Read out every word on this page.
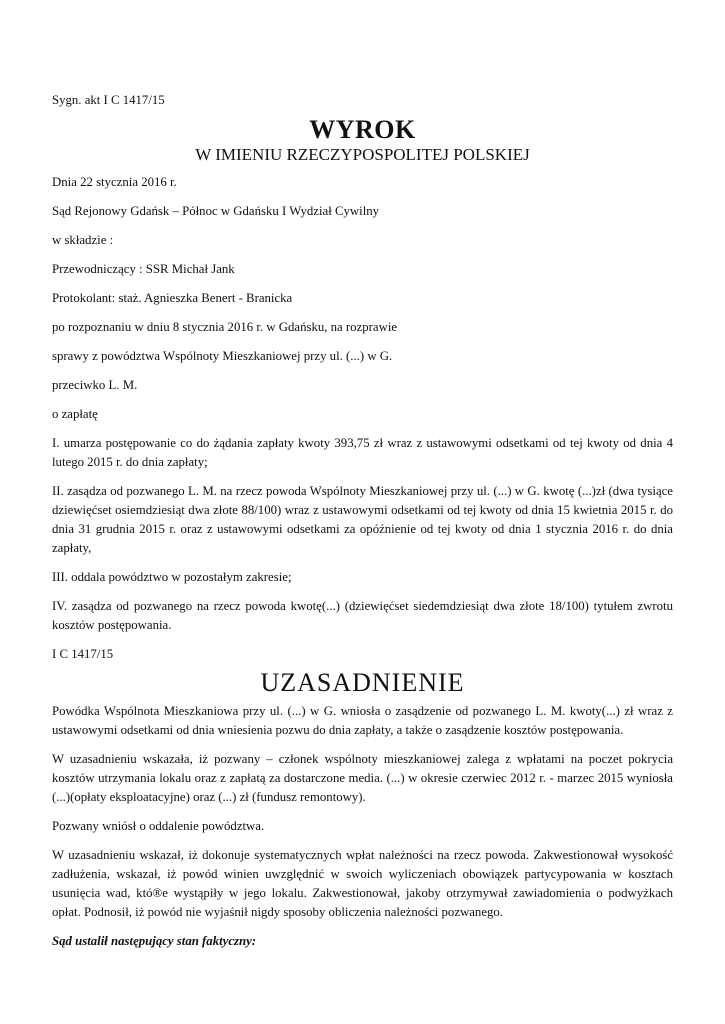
Sygn. akt I C 1417/15

WYROK
W IMIENIU RZECZYPOSPOLITEJ POLSKIEJ

Dnia 22 stycznia 2016 r.

Sąd Rejonowy Gdańsk – Północ w Gdańsku I Wydział Cywilny

w składzie :

Przewodniczący : SSR Michał Jank

Protokolant: staż. Agnieszka Benert - Branicka

po rozpoznaniu w dniu 8 stycznia 2016 r. w Gdańsku, na rozprawie

sprawy z powództwa Wspólnoty Mieszkaniowej przy ul. (...) w G.

przeciwko L. M.

o zapłatę

I. umarza postępowanie co do żądania zapłaty kwoty 393,75 zł wraz z ustawowymi odsetkami od tej kwoty od dnia 4 lutego 2015 r. do dnia zapłaty;

II. zasądza od pozwanego L. M. na rzecz powoda Wspólnoty Mieszkaniowej przy ul. (...) w G. kwotę (...)zł (dwa tysiące dziewięćset osiemdziesiąt dwa złote 88/100) wraz z ustawowymi odsetkami od tej kwoty od dnia 15 kwietnia 2015 r. do dnia 31 grudnia 2015 r. oraz z ustawowymi odsetkami za opóźnienie od tej kwoty od dnia 1 stycznia 2016 r. do dnia zapłaty,

III. oddala powództwo w pozostałym zakresie;

IV. zasądza od pozwanego na rzecz powoda kwotę(...) (dziewięćset siedemdziesiąt dwa złote 18/100) tytułem zwrotu kosztów postępowania.

I C 1417/15

UZASADNIENIE

Powódka Wspólnota Mieszkaniowa przy ul. (...) w G. wniosła o zasądzenie od pozwanego L. M. kwoty(...) zł wraz z ustawowymi odsetkami od dnia wniesienia pozwu do dnia zapłaty, a także o zasądzenie kosztów postępowania.

W uzasadnieniu wskazała, iż pozwany – członek wspólnoty mieszkaniowej zalega z wpłatami na poczet pokrycia kosztów utrzymania lokalu oraz z zapłatą za dostarczone media. (...) w okresie czerwiec 2012 r. - marzec 2015 wyniosła (...)(opłaty eksploatacyjne) oraz (...) zł (fundusz remontowy).

Pozwany wniósł o oddalenie powództwa.

W uzasadnieniu wskazał, iż dokonuje systematycznych wpłat należności na rzecz powoda. Zakwestionował wysokość zadłużenia, wskazał, iż powód winien uwzględnić w swoich wyliczeniach obowiązek partycypowania w kosztach usunięcia wad, któ®e wystąpiły w jego lokalu. Zakwestionował, jakoby otrzymywał zawiadomienia o podwyżkach opłat. Podnosił, iż powód nie wyjaśnił nigdy sposoby obliczenia należności pozwanego.

Sąd ustalił następujący stan faktyczny:
